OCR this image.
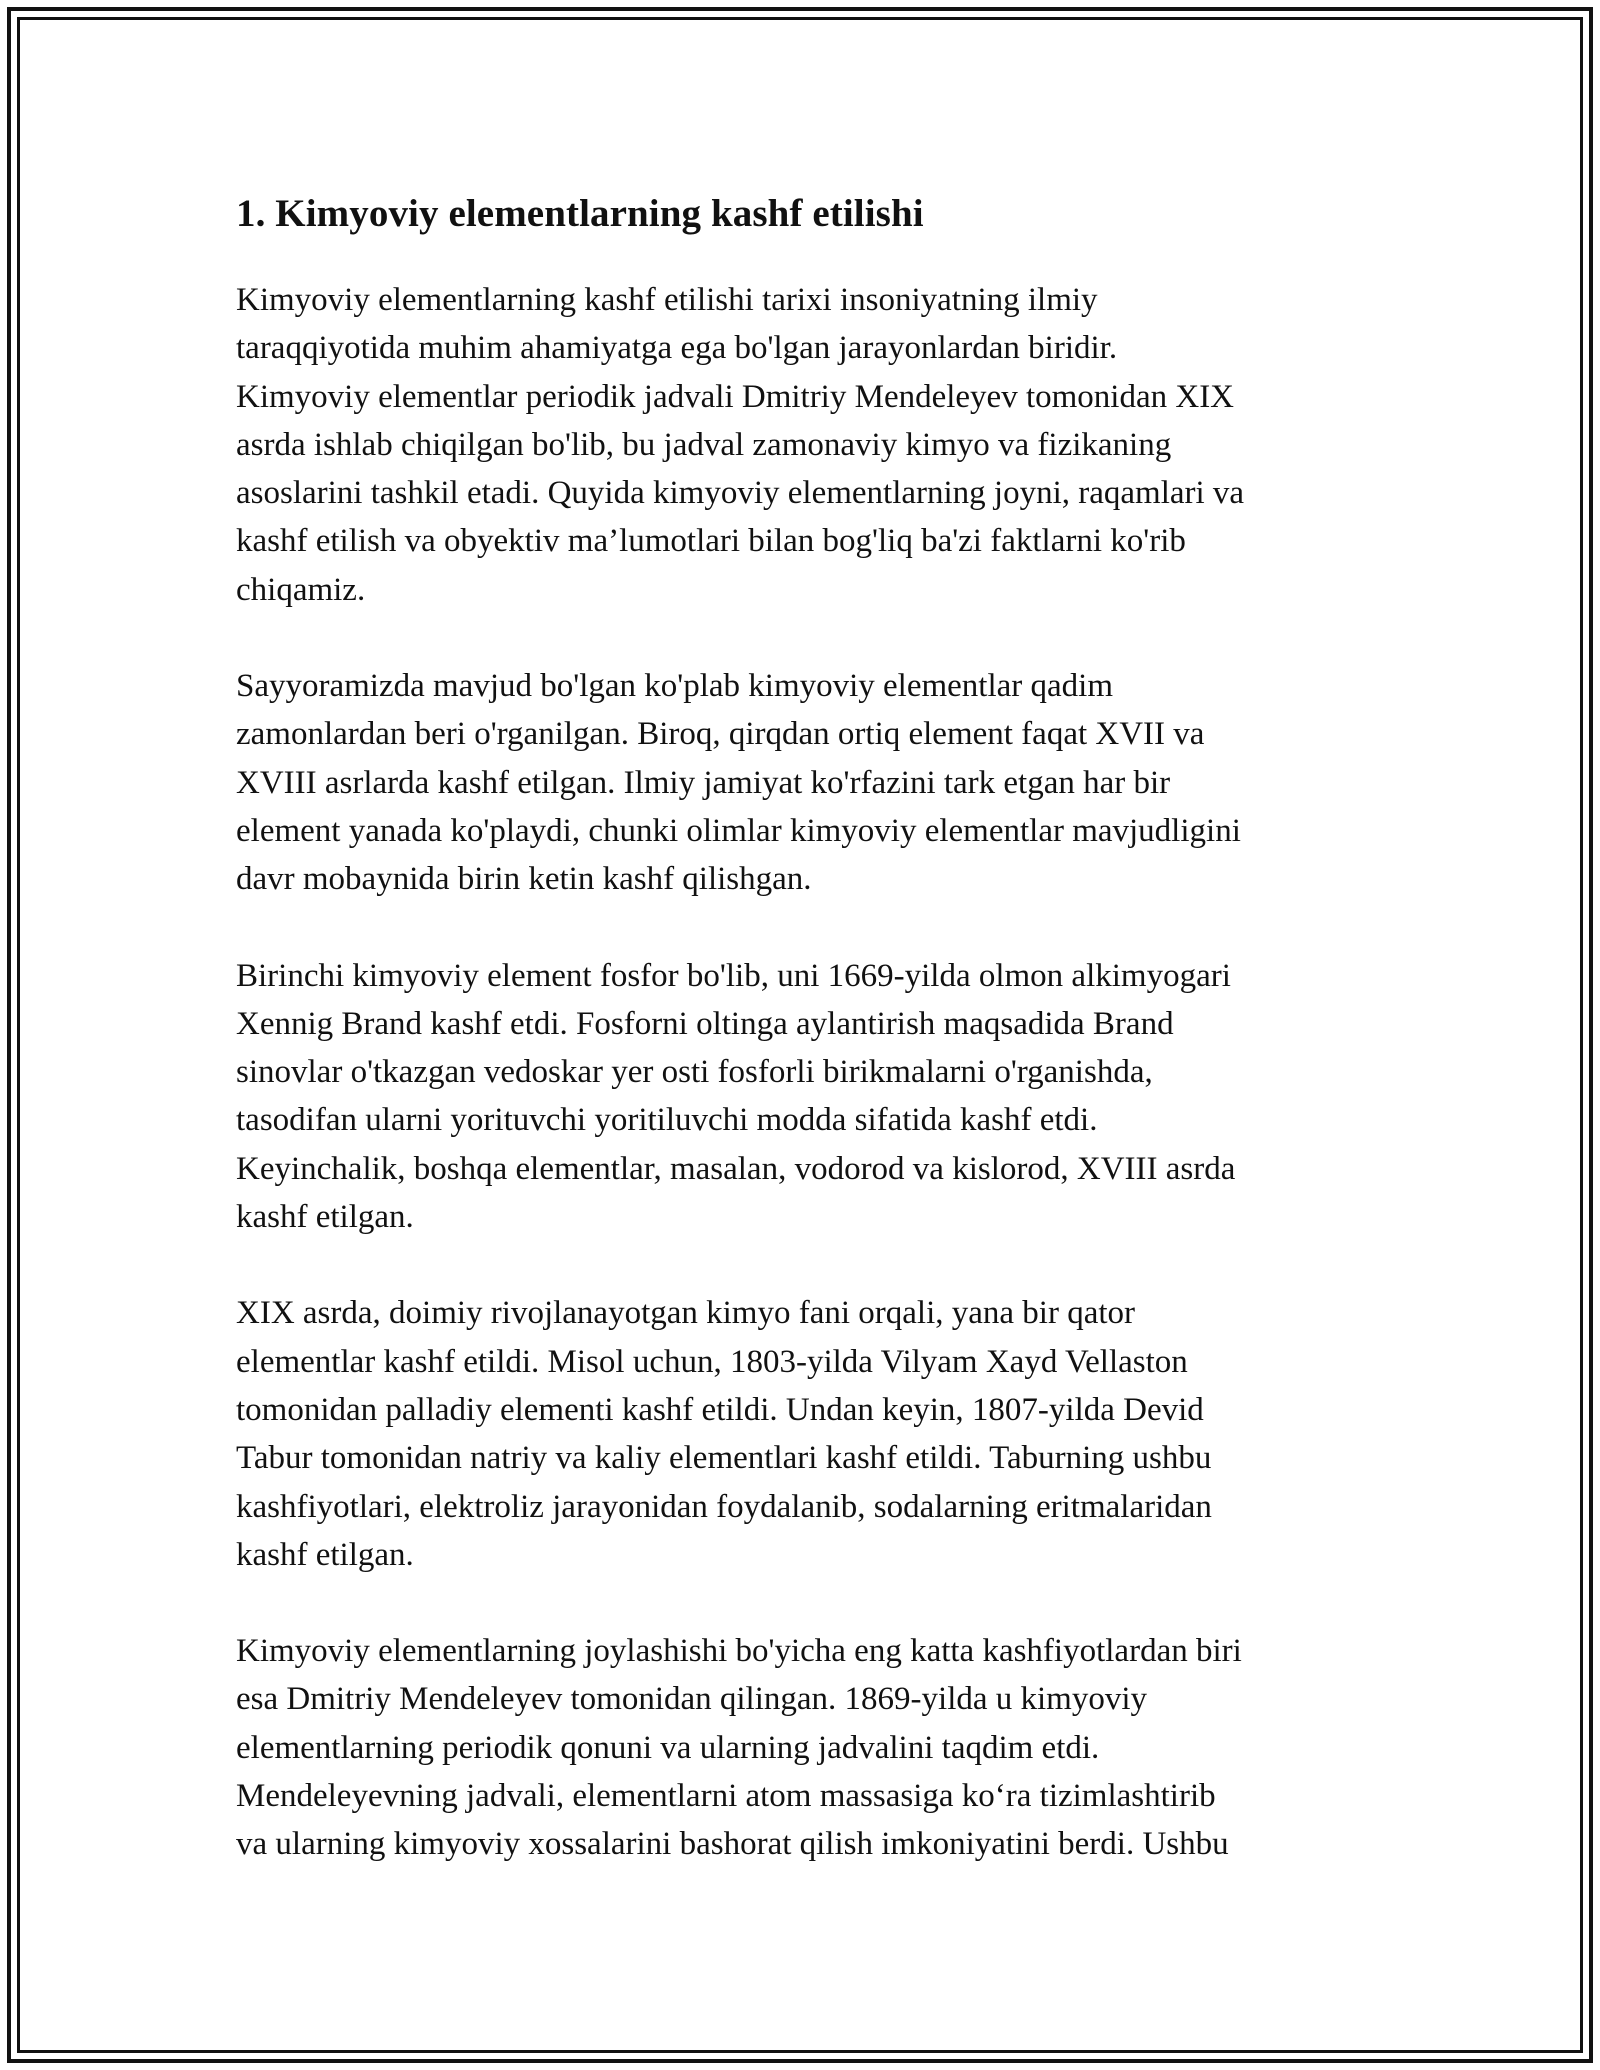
1. Kimyoviy elementlarning kashf etilishi

Kimyoviy elementlarning kashf etilishi tarixi insoniyatning ilmiy
taraqqiyotida muhim ahamiyatga ega bo'lgan jarayonlardan biridir.
Kimyoviy elementlar periodik jadvali Dmitriy Mendeleyev tomonidan XIX
asrda ishlab chiqilgan bo'lib, bu jadval zamonaviy kimyo va fizikaning
asoslarini tashkil etadi. Quyida kimyoviy elementlarning joyni, raqamlari va
kashf etilish va obyektiv ma’lumotlari bilan bog'liq ba'zi faktlarni ko'rib
chiqamiz.

Sayyoramizda mavjud bo'lgan ko'plab kimyoviy elementlar qadim
zamonlardan beri o'rganilgan. Biroq, qirqdan ortiq element faqat XVII va
XVIII asrlarda kashf etilgan. Ilmiy jamiyat ko'rfazini tark etgan har bir
element yanada ko'playdi, chunki olimlar kimyoviy elementlar mavjudligini
davr mobaynida birin ketin kashf qilishgan.

Birinchi kimyoviy element fosfor bo'lib, uni 1669-yilda olmon alkimyogari
Xennig Brand kashf etdi. Fosforni oltinga aylantirish maqsadida Brand
sinovlar o'tkazgan vedoskar yer osti fosforli birikmalarni o'rganishda,
tasodifan ularni yorituvchi yoritiluvchi modda sifatida kashf etdi.
Keyinchalik, boshqa elementlar, masalan, vodorod va kislorod, XVIII asrda
kashf etilgan.

XIX asrda, doimiy rivojlanayotgan kimyo fani orqali, yana bir qator
elementlar kashf etildi. Misol uchun, 1803-yilda Vilyam Xayd Vellaston
tomonidan palladiy elementi kashf etildi. Undan keyin, 1807-yilda Devid
Tabur tomonidan natriy va kaliy elementlari kashf etildi. Taburning ushbu
kashfiyotlari, elektroliz jarayonidan foydalanib, sodalarning eritmalaridan
kashf etilgan.

Kimyoviy elementlarning joylashishi bo'yicha eng katta kashfiyotlardan biri
esa Dmitriy Mendeleyev tomonidan qilingan. 1869-yilda u kimyoviy
elementlarning periodik qonuni va ularning jadvalini taqdim etdi.
Mendeleyevning jadvali, elementlarni atom massasiga ko‘ra tizimlashtirib
va ularning kimyoviy xossalarini bashorat qilish imkoniyatini berdi. Ushbu
